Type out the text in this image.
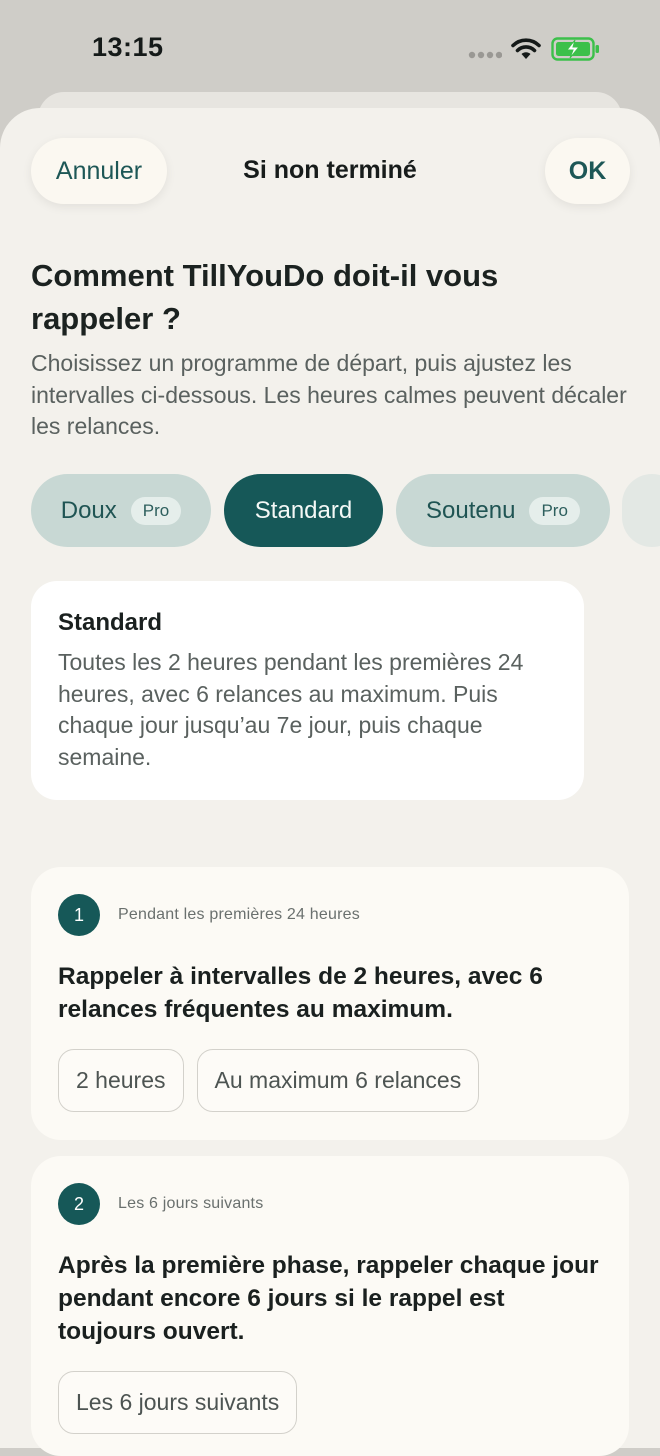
13:15
Annuler	Si non terminé	OK
Comment TillYouDo doit-il vous rappeler ?
Choisissez un programme de départ, puis ajustez les intervalles ci-dessous. Les heures calmes peuvent décaler les relances.
Doux	Pro	Standard	Soutenu	Pro
Standard

Toutes les 2 heures pendant les premières 24 heures, avec 6 relances au maximum. Puis chaque jour jusqu’au 7e jour, puis chaque semaine.

1	Pendant les premières 24 heures
Rappeler à intervalles de 2 heures, avec 6 relances fréquentes au maximum.
2 heures	Au maximum 6 relances
2	Les 6 jours suivants
Après la première phase, rappeler chaque jour pendant encore 6 jours si le rappel est toujours ouvert.
Les 6 jours suivants
